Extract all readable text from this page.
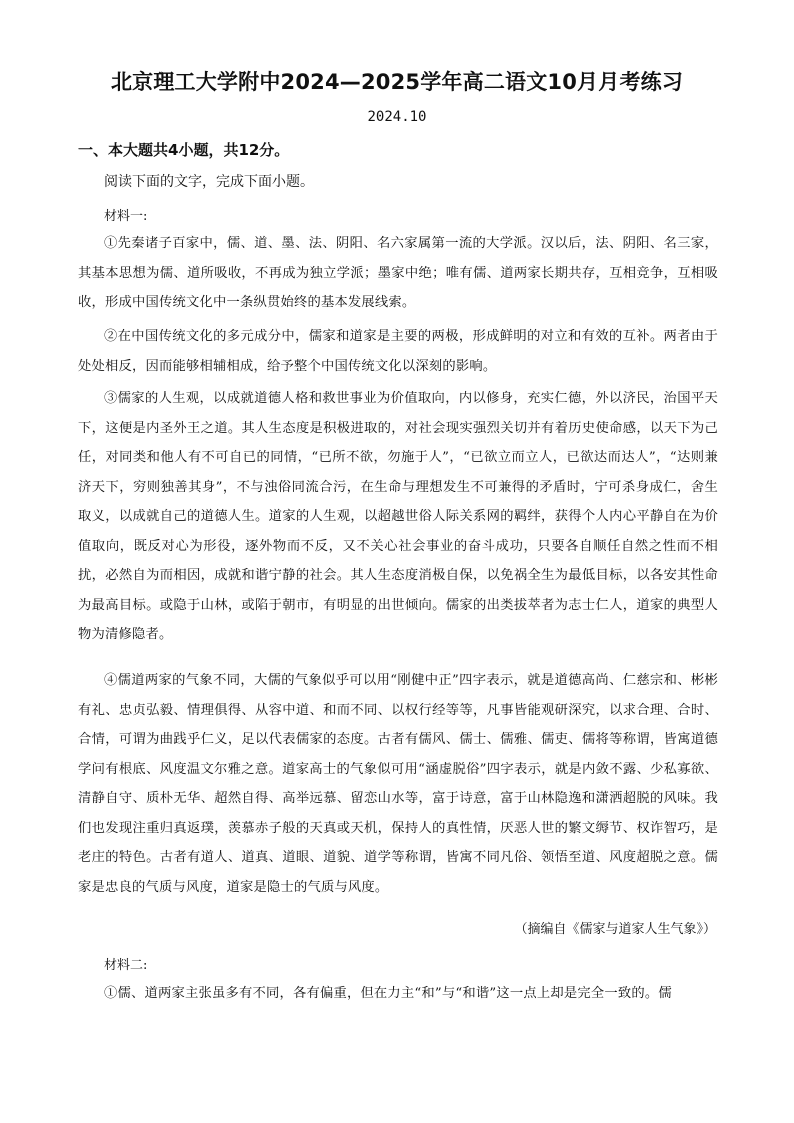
北京理工大学附中2024—2025学年高二语文10月月考练习

2024.10

一、本大题共4小题，共12分。

阅读下面的文字，完成下面小题。

材料一:

①先秦诸子百家中，儒、道、墨、法、阴阳、名六家属第一流的大学派。汉以后，法、阴阳、名三家，其基本思想为儒、道所吸收，不再成为独立学派；墨家中绝；唯有儒、道两家长期共存，互相竞争，互相吸收，形成中国传统文化中一条纵贯始终的基本发展线索。

②在中国传统文化的多元成分中，儒家和道家是主要的两极，形成鲜明的对立和有效的互补。两者由于处处相反，因而能够相辅相成，给予整个中国传统文化以深刻的影响。

③儒家的人生观，以成就道德人格和救世事业为价值取向，内以修身，充实仁德，外以济民，治国平天下，这便是内圣外王之道。其人生态度是积极进取的，对社会现实强烈关切并有着历史使命感，以天下为己任，对同类和他人有不可自已的同情，“已所不欲，勿施于人”，“已欲立而立人，已欲达而达人”，“达则兼济天下，穷则独善其身”，不与浊俗同流合污，在生命与理想发生不可兼得的矛盾时，宁可杀身成仁，舍生取义，以成就自己的道德人生。道家的人生观，以超越世俗人际关系网的羁绊，获得个人内心平静自在为价值取向，既反对心为形役，逐外物而不反，又不关心社会事业的奋斗成功，只要各自顺任自然之性而不相扰，必然自为而相因，成就和谐宁静的社会。其人生态度消极自保，以免祸全生为最低目标，以各安其性命为最高目标。或隐于山林，或陷于朝市，有明显的出世倾向。儒家的出类拔萃者为志士仁人，道家的典型人物为清修隐者。

④儒道两家的气象不同，大儒的气象似乎可以用“刚健中正”四字表示，就是道德高尚、仁慈宗和、彬彬有礼、忠贞弘毅、情理俱得、从容中道、和而不同、以权行经等等，凡事皆能观研深究，以求合理、合时、合情，可谓为曲践乎仁义，足以代表儒家的态度。古者有儒风、儒士、儒雅、儒吏、儒将等称谓，皆寓道德学问有根底、风度温文尔雅之意。道家高士的气象似可用“涵虚脱俗”四字表示，就是内敛不露、少私寡欲、清静自守、质朴无华、超然自得、高举远慕、留恋山水等，富于诗意，富于山林隐逸和潇洒超脱的风味。我们也发现注重归真返璞，羡慕赤子般的天真或天机，保持人的真性情，厌恶人世的繁文缛节、权诈智巧，是老庄的特色。古者有道人、道真、道眼、道貌、道学等称谓，皆寓不同凡俗、领悟至道、风度超脱之意。儒家是忠良的气质与风度，道家是隐士的气质与风度。

（摘编自《儒家与道家人生气象》）

材料二:

①儒、道两家主张虽多有不同，各有偏重，但在力主“和”与“和谐”这一点上却是完全一致的。儒
